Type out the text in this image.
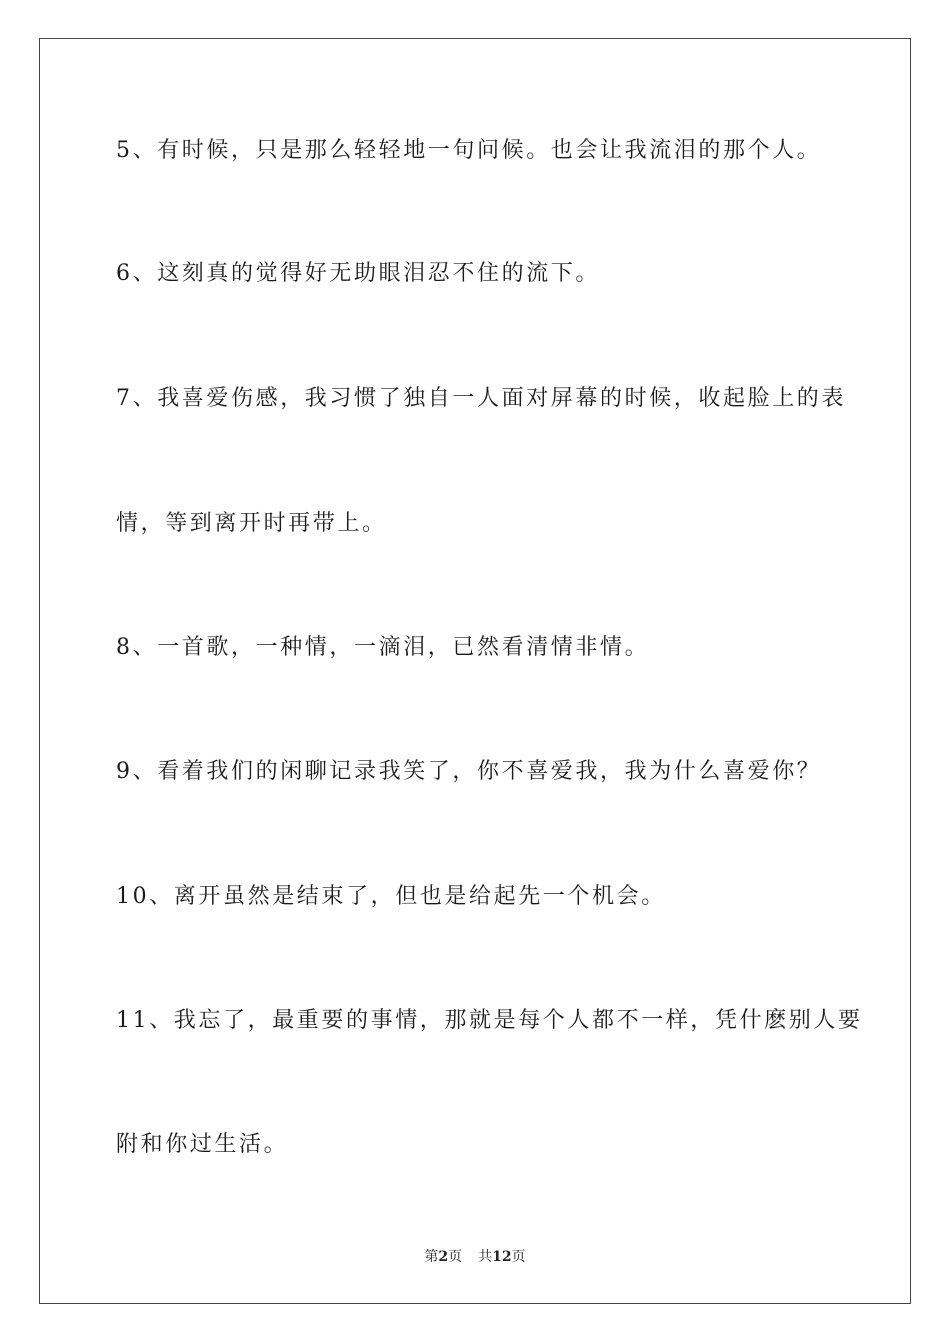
5、有时候，只是那么轻轻地一句问候。也会让我流泪的那个人。
6、这刻真的觉得好无助眼泪忍不住的流下。
7、我喜爱伤感，我习惯了独自一人面对屏幕的时候，收起脸上的表
情，等到离开时再带上。
8、一首歌，一种情，一滴泪，已然看清情非情。
9、看着我们的闲聊记录我笑了，你不喜爱我，我为什么喜爱你？
10、离开虽然是结束了，但也是给起先一个机会。
11、我忘了，最重要的事情，那就是每个人都不一样，凭什麽别人要
附和你过生活。
第2页 共12页
